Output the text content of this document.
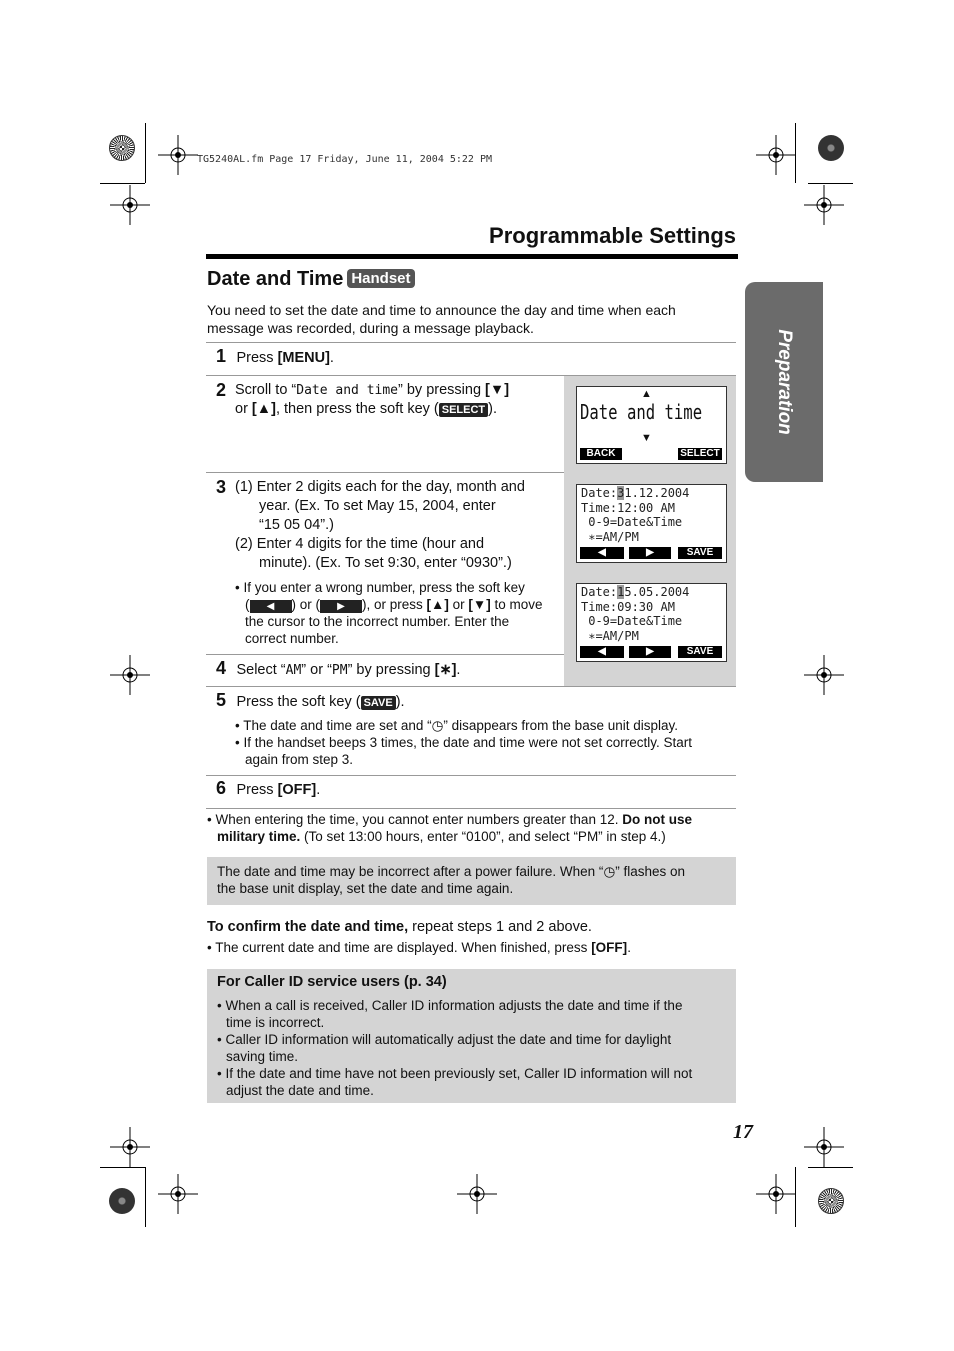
TG5240AL.fm Page 17 Friday, June 11, 2004 5:22 PM
Programmable Settings
Date and Time Handset
Preparation
You need to set the date and time to announce the day and time when each message was recorded, during a message playback.
1 Press [MENU].
2 Scroll to “Date and time” by pressing [▼]
or [▲], then press the soft key ( SELECT ).
▲
Date and time
▼
BACK	SELECT
3 (1) Enter 2 digits each for the day, month and
year. (Ex. To set May 15, 2004, enter
“15 05 04”.)
(2) Enter 4 digits for the time (hour and
minute). (Ex. To set 9:30, enter “0930”.)
• If you enter a wrong number, press the soft key
( ◀ ) or ( ▶ ), or press [▲] or [▼] to move
the cursor to the incorrect number. Enter the
correct number.
Date:31.12.2004
Time:12:00 AM
0-9=Date&Time
∗=AM/PM
◀	▶	SAVE
Date:15.05.2004
Time:09:30 AM
0-9=Date&Time
∗=AM/PM
◀	▶	SAVE
4 Select “AM” or “PM” by pressing [∗].
5 Press the soft key ( SAVE ).
• The date and time are set and “◷” disappears from the base unit display.
• If the handset beeps 3 times, the date and time were not set correctly. Start
again from step 3.
6 Press [OFF].
• When entering the time, you cannot enter numbers greater than 12. Do not use
military time. (To set 13:00 hours, enter “0100”, and select “PM” in step 4.)
The date and time may be incorrect after a power failure. When “◷” flashes on
the base unit display, set the date and time again.
To confirm the date and time, repeat steps 1 and 2 above.
• The current date and time are displayed. When finished, press [OFF].
For Caller ID service users (p. 34)
• When a call is received, Caller ID information adjusts the date and time if the
time is incorrect.
• Caller ID information will automatically adjust the date and time for daylight
saving time.
• If the date and time have not been previously set, Caller ID information will not
adjust the date and time.
17
